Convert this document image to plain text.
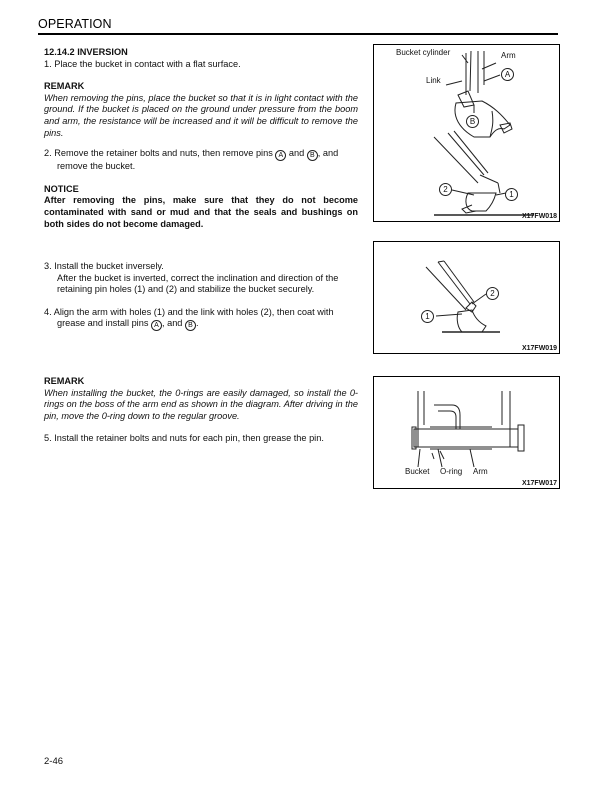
OPERATION
12.14.2 INVERSION
1. Place the bucket in contact with a flat surface.
REMARK
When removing the pins, place the bucket so that it is in light contact with the ground. If the bucket is placed on the ground under pressure from the boom and arm, the resistance will be increased and it will be difficult to remove the pins.
2. Remove the retainer bolts and nuts, then remove pins A and B , and remove the bucket.
NOTICE
After removing the pins, make sure that they do not become contaminated with sand or mud and that the seals and bushings on both sides do not become damaged.
3. Install the bucket inversely.
After the bucket is inverted, correct the inclination and direction of the retaining pin holes (1) and (2) and stabilize the bucket securely.
4. Align the arm with holes (1) and the link with holes (2), then coat with grease and install pins A , and B .
REMARK
When installing the bucket, the 0-rings are easily damaged, so install the 0-rings on the boss of the arm end as shown in the diagram. After driving in the pin, move the 0-ring down to the regular groove.
5. Install the retainer bolts and nuts for each pin, then grease the pin.
Bucket cylinder	Arm
Link
A
B
2
1
X17FW018
1
2
X17FW019
Bucket O-ring Arm
X17FW017
2-46
